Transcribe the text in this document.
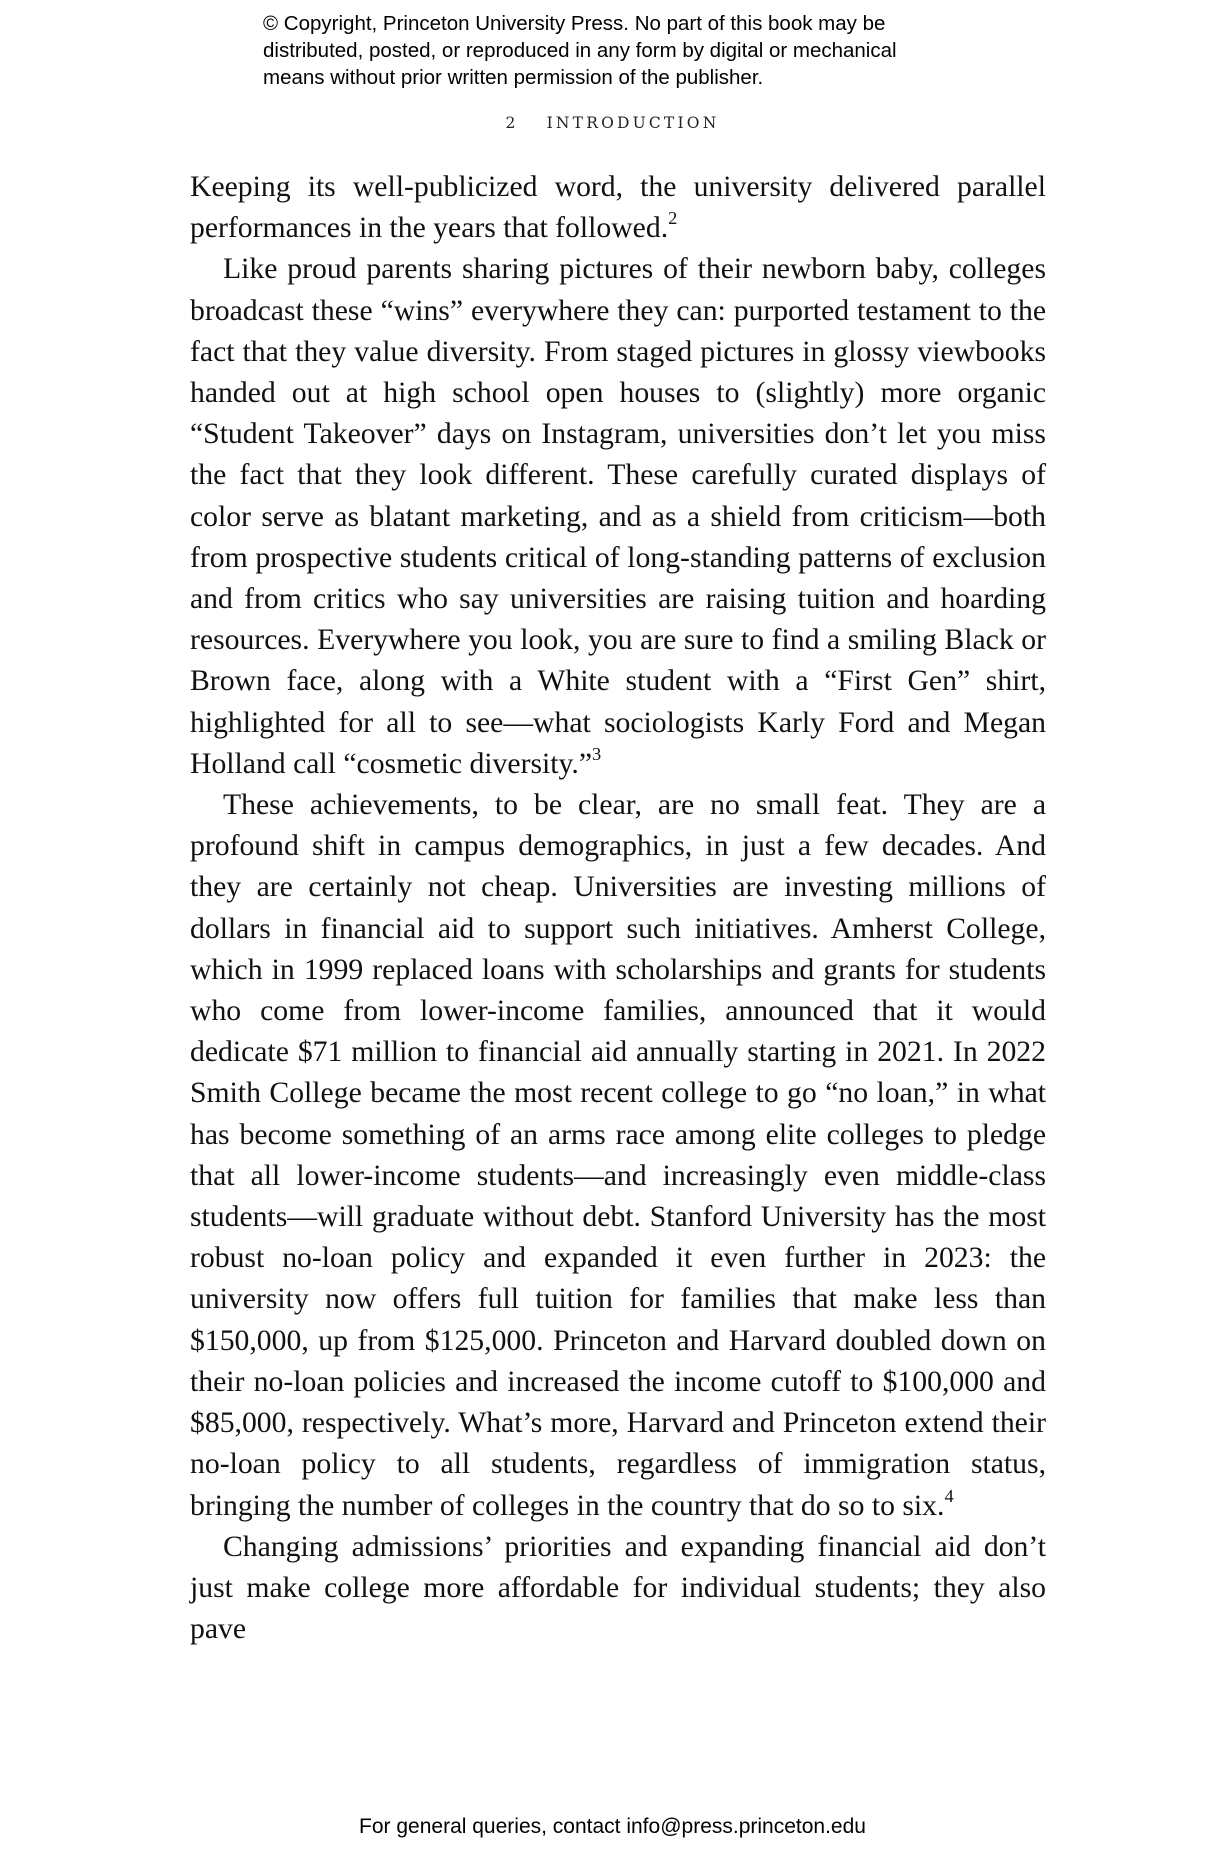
© Copyright, Princeton University Press. No part of this book may be
distributed, posted, or reproduced in any form by digital or mechanical
means without prior written permission of the publisher.
2 INTRODUCTION

Keeping its well-publicized word, the university delivered parallel performances in the years that followed.$^2$

Like proud parents sharing pictures of their newborn baby, colleges broadcast these “wins” everywhere they can: purported testament to the fact that they value diversity. From staged pictures in glossy viewbooks handed out at high school open houses to (slightly) more organic “Student Takeover” days on Instagram, universities don’t let you miss the fact that they look different. These carefully curated displays of color serve as blatant marketing, and as a shield from criticism—both from prospective students critical of long-standing patterns of exclusion and from critics who say universities are raising tuition and hoarding resources. Everywhere you look, you are sure to find a smiling Black or Brown face, along with a White student with a “First Gen” shirt, highlighted for all to see—what sociologists Karly Ford and Megan Holland call “cosmetic diversity.”$^3$

These achievements, to be clear, are no small feat. They are a profound shift in campus demographics, in just a few decades. And they are certainly not cheap. Universities are investing millions of dollars in financial aid to support such initiatives. Amherst College, which in 1999 replaced loans with scholarships and grants for students who come from lower-income families, announced that it would dedicate $71 million to financial aid annually starting in 2021. In 2022 Smith College became the most recent college to go “no loan,” in what has become something of an arms race among elite colleges to pledge that all lower-income students—and increasingly even middle-class students—will graduate without debt. Stanford University has the most robust no-loan policy and expanded it even further in 2023: the university now offers full tuition for families that make less than $150,000, up from $125,000. Princeton and Harvard doubled down on their no-loan policies and increased the income cutoff to $100,000 and $85,000, respectively. What’s more, Harvard and Princeton extend their no-loan policy to all students, regardless of immigration status, bringing the number of colleges in the country that do so to six.$^4$

Changing admissions’ priorities and expanding financial aid don’t just make college more affordable for individual students; they also pave

For general queries, contact info@press.princeton.edu
